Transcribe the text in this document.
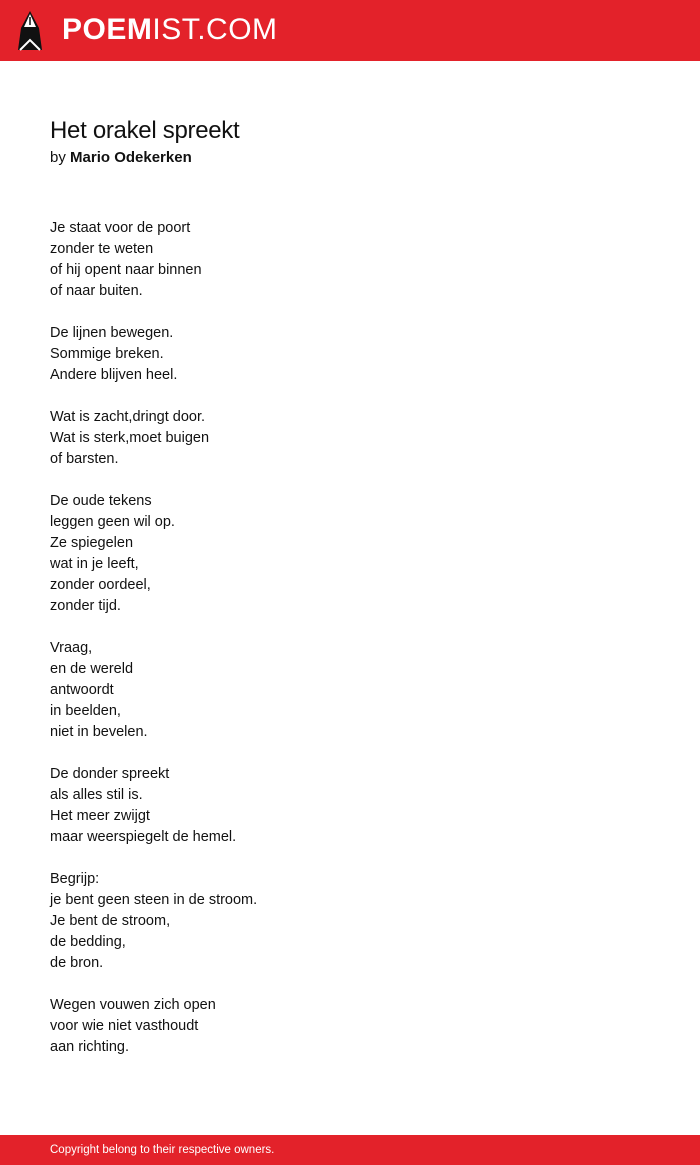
POEMIST.COM
Het orakel spreekt
by Mario Odekerken
Je staat voor de poort
zonder te weten
of hij opent naar binnen
of naar buiten.
De lijnen bewegen.
Sommige breken.
Andere blijven heel.
Wat is zacht,dringt door.
Wat is sterk,moet buigen
of barsten.
De oude tekens
leggen geen wil op.
Ze spiegelen
wat in je leeft,
zonder oordeel,
zonder tijd.
Vraag,
en de wereld
antwoordt
in beelden,
niet in bevelen.
De donder spreekt
als alles stil is.
Het meer zwijgt
maar weerspiegelt de hemel.
Begrijp:
je bent geen steen in de stroom.
Je bent de stroom,
de bedding,
de bron.
Wegen vouwen zich open
voor wie niet vasthoudt
aan richting.
Copyright belong to their respective owners.
